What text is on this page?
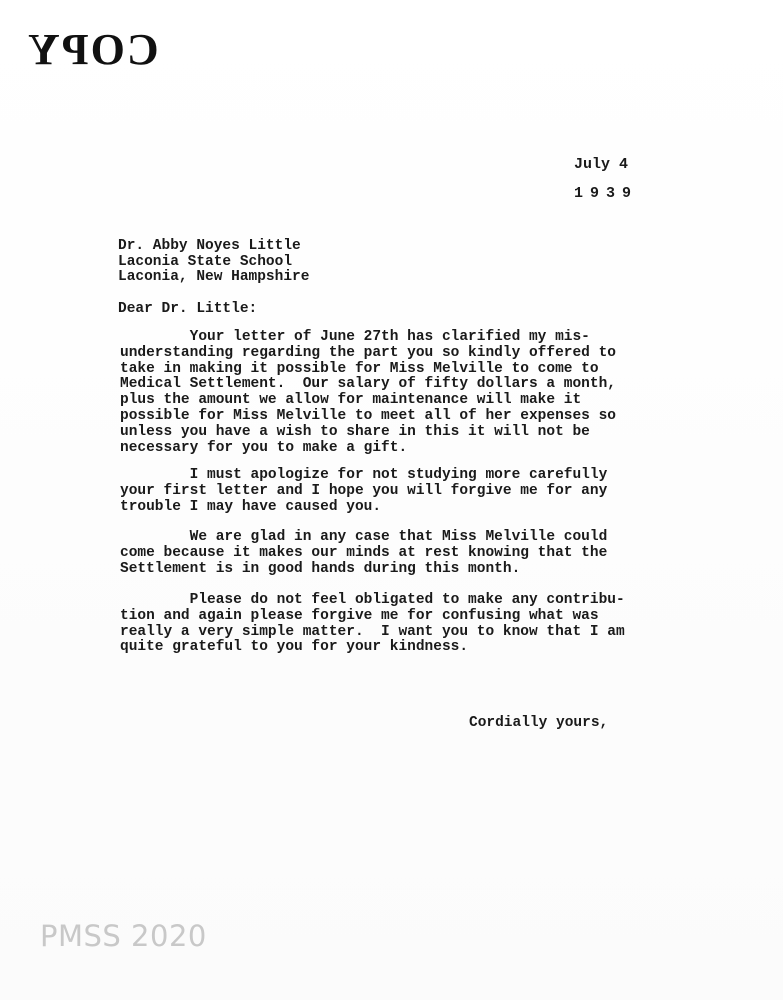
COPY
July 4
1939
Dr. Abby Noyes Little
Laconia State School
Laconia, New Hampshire
Dear Dr. Little:
Your letter of June 27th has clarified my mis-
understanding regarding the part you so kindly offered to
take in making it possible for Miss Melville to come to
Medical Settlement.  Our salary of fifty dollars a month,
plus the amount we allow for maintenance will make it
possible for Miss Melville to meet all of her expenses so
unless you have a wish to share in this it will not be
necessary for you to make a gift.
I must apologize for not studying more carefully
your first letter and I hope you will forgive me for any
trouble I may have caused you.
We are glad in any case that Miss Melville could
come because it makes our minds at rest knowing that the
Settlement is in good hands during this month.
Please do not feel obligated to make any contribu-
tion and again please forgive me for confusing what was
really a very simple matter.  I want you to know that I am
quite grateful to you for your kindness.
Cordially yours,
PMSS 2020
